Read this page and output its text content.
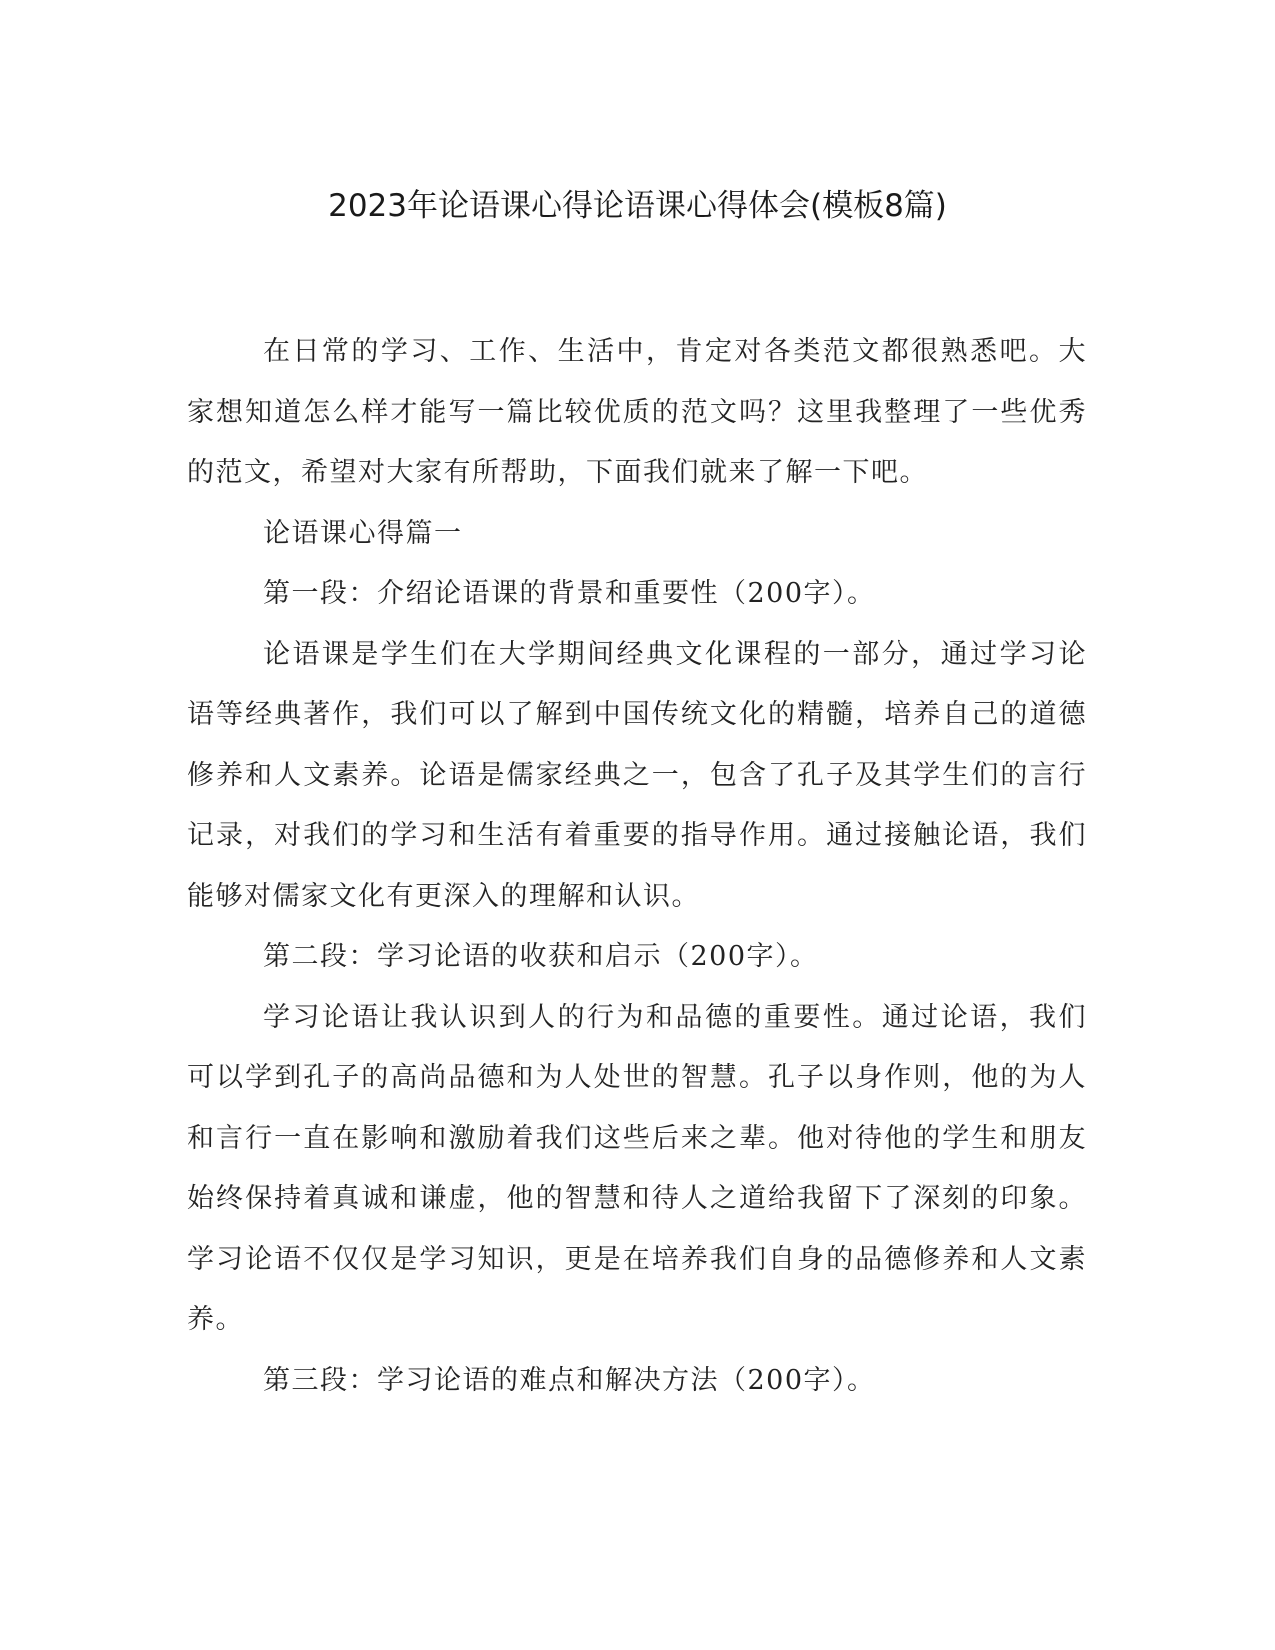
2023年论语课心得论语课心得体会(模板8篇)

在日常的学习、工作、生活中，肯定对各类范文都很熟悉吧。大家想知道怎么样才能写一篇比较优质的范文吗？这里我整理了一些优秀的范文，希望对大家有所帮助，下面我们就来了解一下吧。

论语课心得篇一

第一段：介绍论语课的背景和重要性（200字）。

论语课是学生们在大学期间经典文化课程的一部分，通过学习论语等经典著作，我们可以了解到中国传统文化的精髓，培养自己的道德修养和人文素养。论语是儒家经典之一，包含了孔子及其学生们的言行记录，对我们的学习和生活有着重要的指导作用。通过接触论语，我们能够对儒家文化有更深入的理解和认识。

第二段：学习论语的收获和启示（200字）。

学习论语让我认识到人的行为和品德的重要性。通过论语，我们可以学到孔子的高尚品德和为人处世的智慧。孔子以身作则，他的为人和言行一直在影响和激励着我们这些后来之辈。他对待他的学生和朋友始终保持着真诚和谦虚，他的智慧和待人之道给我留下了深刻的印象。学习论语不仅仅是学习知识，更是在培养我们自身的品德修养和人文素养。

第三段：学习论语的难点和解决方法（200字）。
